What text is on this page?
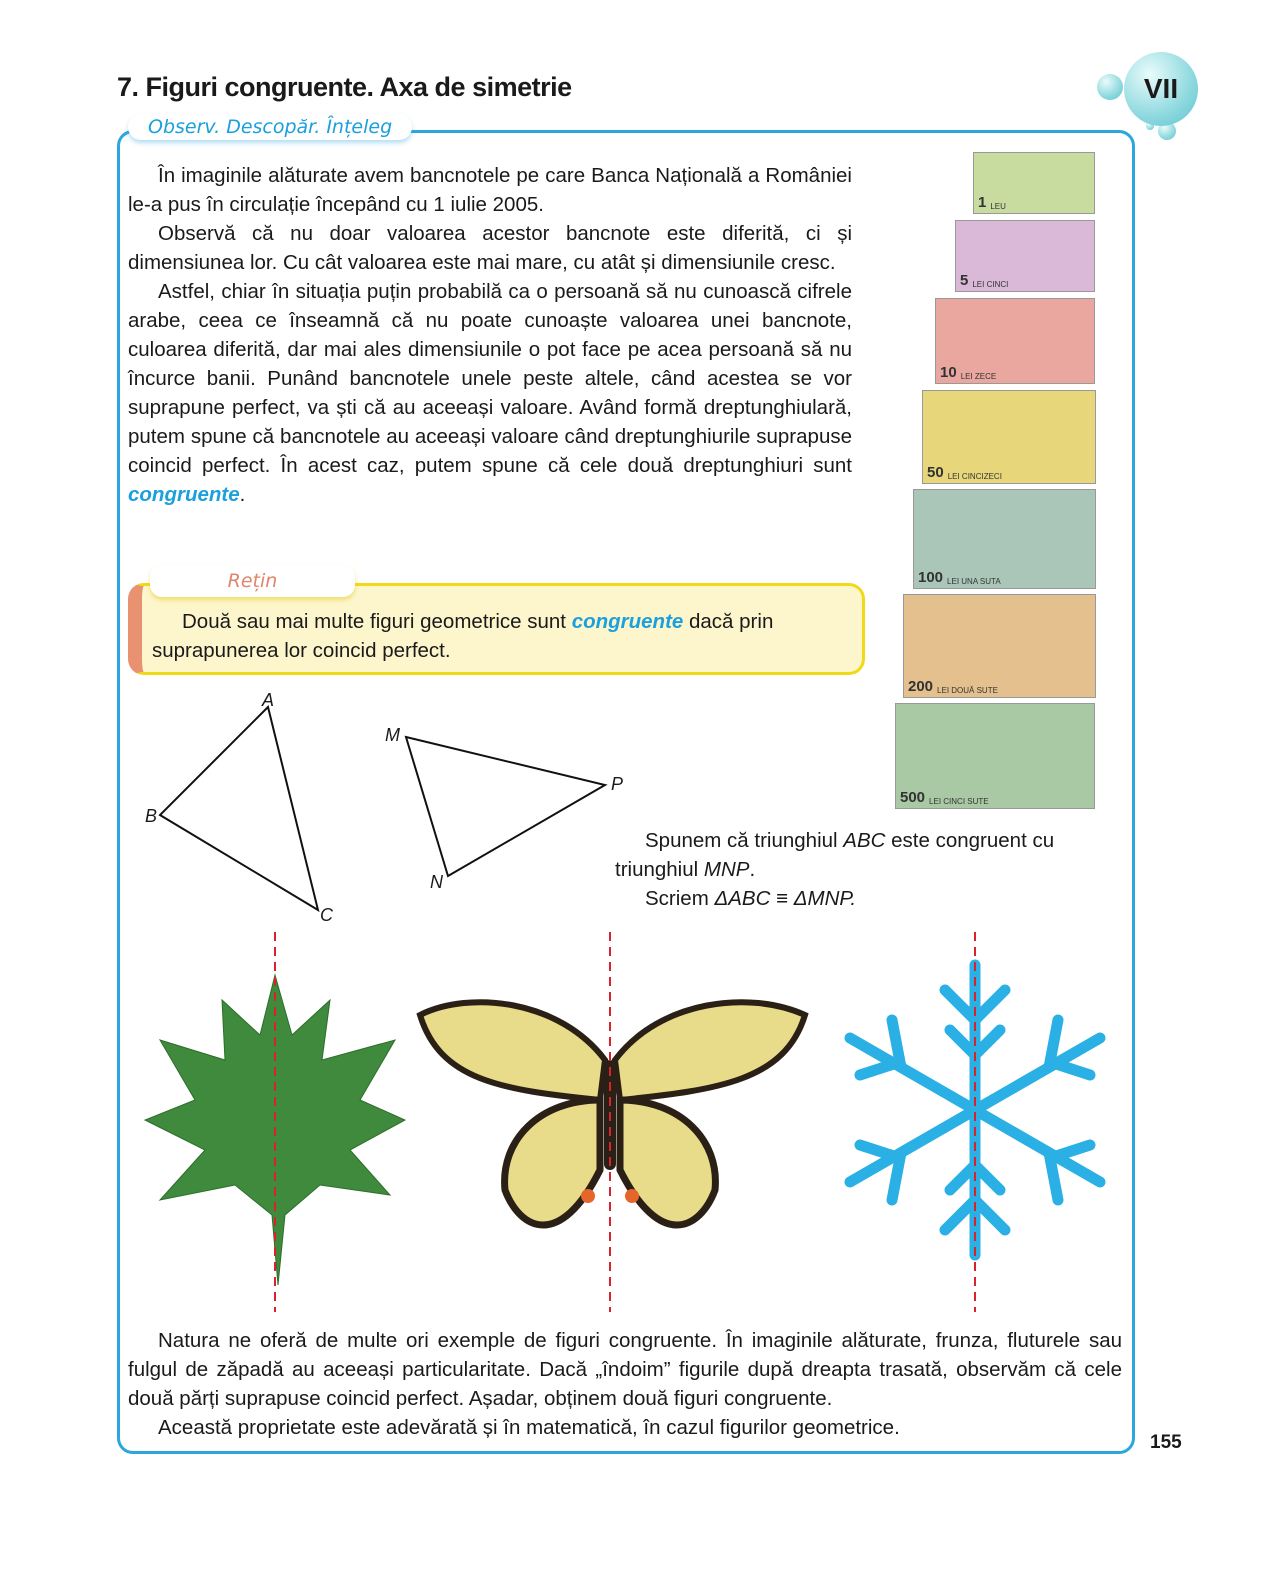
7. Figuri congruente. Axa de simetrie	VII
Observ. Descopăr. Înțeleg

În imaginile alăturate avem bancnotele pe care Banca Națională a României le-a pus în circulație începând cu 1 iulie 2005.

Observă că nu doar valoarea acestor bancnote este diferită, ci și dimensiunea lor. Cu cât valoarea este mai mare, cu atât și dimensiunile cresc.

Astfel, chiar în situația puțin probabilă ca o persoană să nu cunoască cifrele arabe, ceea ce înseamnă că nu poate cunoaște valoarea unei bancnote, culoarea diferită, dar mai ales dimensiunile o pot face pe acea persoană să nu încurce banii. Punând bancnotele unele peste altele, când acestea se vor suprapune perfect, va ști că au aceeași valoare. Având formă dreptunghiulară, putem spune că bancnotele au aceeași valoare când dreptunghiurile suprapuse coincid perfect. În acest caz, putem spune că cele două dreptunghiuri sunt congruente.

Rețin
Două sau mai multe figuri geometrice sunt congruente dacă prin suprapunerea lor coincid perfect.
1 LEU
5 LEI CINCI
10 LEI ZECE
50 LEI CINCIZECI
100 LEI UNA SUTA
200 LEI DOUĂ SUTE
500 LEI CINCI SUTE
A
B
C
M
N
P

Spunem că triunghiul ABC este congruent cu triunghiul MNP.

Scriem ΔABC ≡ ΔMNP.

Natura ne oferă de multe ori exemple de figuri congruente. În imaginile alăturate, frunza, fluturele sau fulgul de zăpadă au aceeași particularitate. Dacă „îndoim” figurile după dreapta trasată, observăm că cele două părți suprapuse coincid perfect. Așadar, obținem două figuri congruente.

Această proprietate este adevărată și în matematică, în cazul figurilor geometrice.

155
